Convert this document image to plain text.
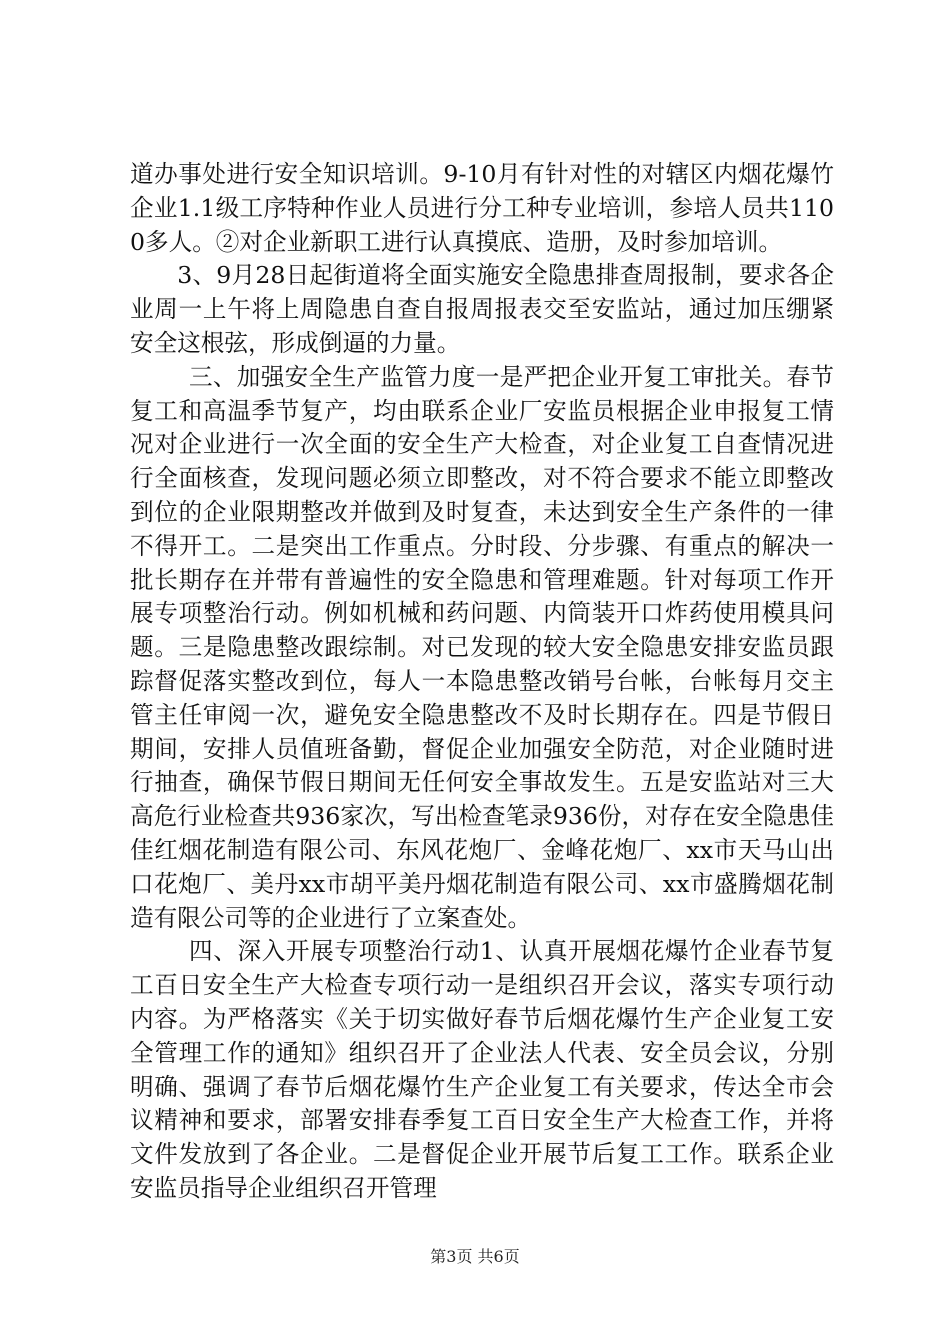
道办事处进行安全知识培训。9-10月有针对性的对辖区内烟花爆竹企业1.1级工序特种作业人员进行分工种专业培训，参培人员共1100多人。②对企业新职工进行认真摸底、造册，及时参加培训。

3、9月28日起街道将全面实施安全隐患排查周报制，要求各企业周一上午将上周隐患自查自报周报表交至安监站，通过加压绷紧安全这根弦，形成倒逼的力量。

三、加强安全生产监管力度一是严把企业开复工审批关。春节复工和高温季节复产，均由联系企业厂安监员根据企业申报复工情况对企业进行一次全面的安全生产大检查，对企业复工自查情况进行全面核查，发现问题必须立即整改，对不符合要求不能立即整改到位的企业限期整改并做到及时复查，未达到安全生产条件的一律不得开工。二是突出工作重点。分时段、分步骤、有重点的解决一批长期存在并带有普遍性的安全隐患和管理难题。针对每项工作开展专项整治行动。例如机械和药问题、内筒装开口炸药使用模具问题。三是隐患整改跟综制。对已发现的较大安全隐患安排安监员跟踪督促落实整改到位，每人一本隐患整改销号台帐，台帐每月交主管主任审阅一次，避免安全隐患整改不及时长期存在。四是节假日期间，安排人员值班备勤，督促企业加强安全防范，对企业随时进行抽查，确保节假日期间无任何安全事故发生。五是安监站对三大高危行业检查共936家次，写出检查笔录936份，对存在安全隐患佳佳红烟花制造有限公司、东风花炮厂、金峰花炮厂、xx市天马山出口花炮厂、美丹xx市胡平美丹烟花制造有限公司、xx市盛腾烟花制造有限公司等的企业进行了立案查处。

四、深入开展专项整治行动1、认真开展烟花爆竹企业春节复工百日安全生产大检查专项行动一是组织召开会议，落实专项行动内容。为严格落实《关于切实做好春节后烟花爆竹生产企业复工安全管理工作的通知》组织召开了企业法人代表、安全员会议，分别明确、强调了春节后烟花爆竹生产企业复工有关要求，传达全市会议精神和要求，部署安排春季复工百日安全生产大检查工作，并将文件发放到了各企业。二是督促企业开展节后复工工作。联系企业安监员指导企业组织召开管理

第3页 共6页
